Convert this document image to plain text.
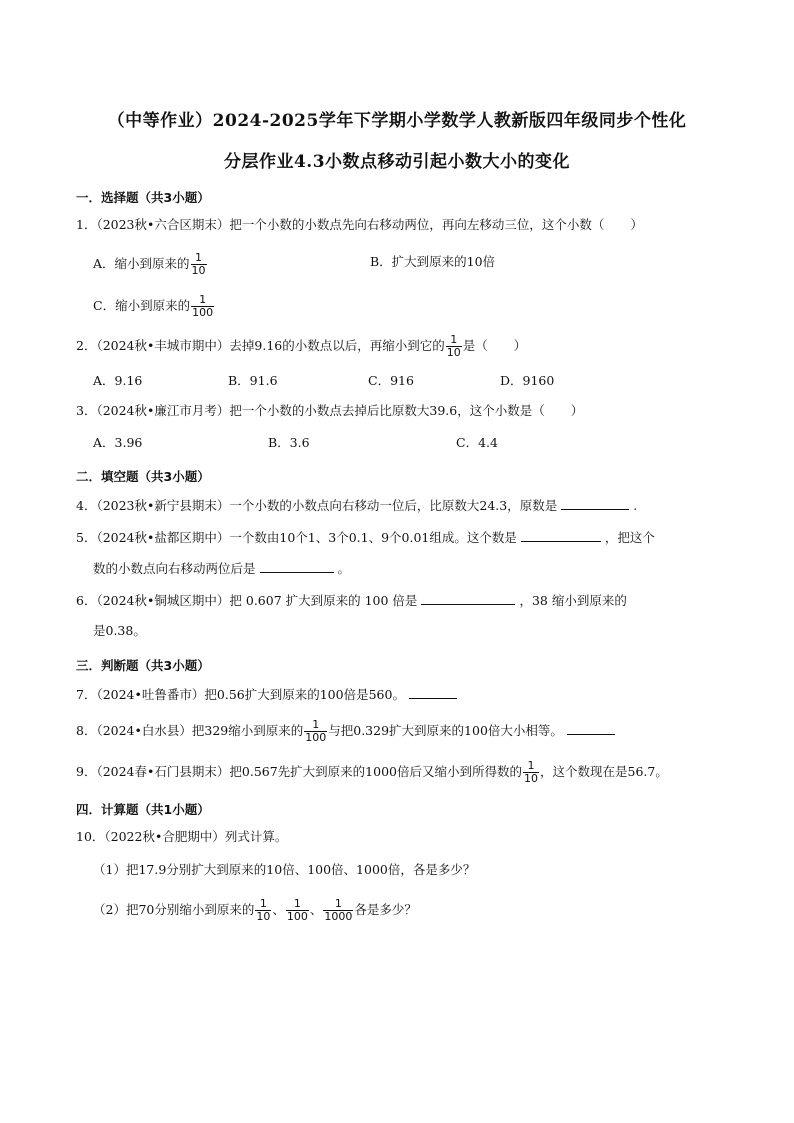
（中等作业）2024-2025学年下学期小学数学人教新版四年级同步个性化
分层作业4.3小数点移动引起小数大小的变化
一．选择题（共3小题）
1．（2023秋•六合区期末）把一个小数的小数点先向右移动两位，再向左移动三位，这个小数（ ）
A．缩小到原来的 $\frac{1}{10}$	B．扩大到原来的10倍
C．缩小到原来的 $\frac{1}{100}$
2．（2024秋•丰城市期中）去掉9.16的小数点以后，再缩小到它的 $\frac{1}{10}$ 是（ ）
A．9.16	B．91.6	C．916	D．9160
3．（2024秋•廉江市月考）把一个小数的小数点去掉后比原数大39.6，这个小数是（ ）
A．3.96	B．3.6	C．4.4
二．填空题（共3小题）
4．（2023秋•新宁县期末）一个小数的小数点向右移动一位后，比原数大24.3，原数是	.
5．（2024秋•盐都区期中）一个数由10个1、3个0.1、9个0.01组成。这个数是	，把这个
数的小数点向右移动两位后是	。
6．（2024秋•铜城区期中）把 0.607 扩大到原来的 100 倍是	，38 缩小到原来的
是0.38。
三．判断题（共3小题）
7．（2024•吐鲁番市）把0.56扩大到原来的100倍是560。
8．（2024•白水县）把329缩小到原来的 $\frac{1}{100}$ 与把0.329扩大到原来的100倍大小相等。
9．（2024春•石门县期末）把0.567先扩大到原来的1000倍后又缩小到所得数的 $\frac{1}{10}$ ，这个数现在是56.7。
四．计算题（共1小题）
10．（2022秋•合肥期中）列式计算。
（1）把17.9分别扩大到原来的10倍、100倍、1000倍，各是多少？
（2）把70分别缩小到原来的 $\frac{1}{10}$ 、 $\frac{1}{100}$ 、 $\frac{1}{1000}$ 各是多少？
